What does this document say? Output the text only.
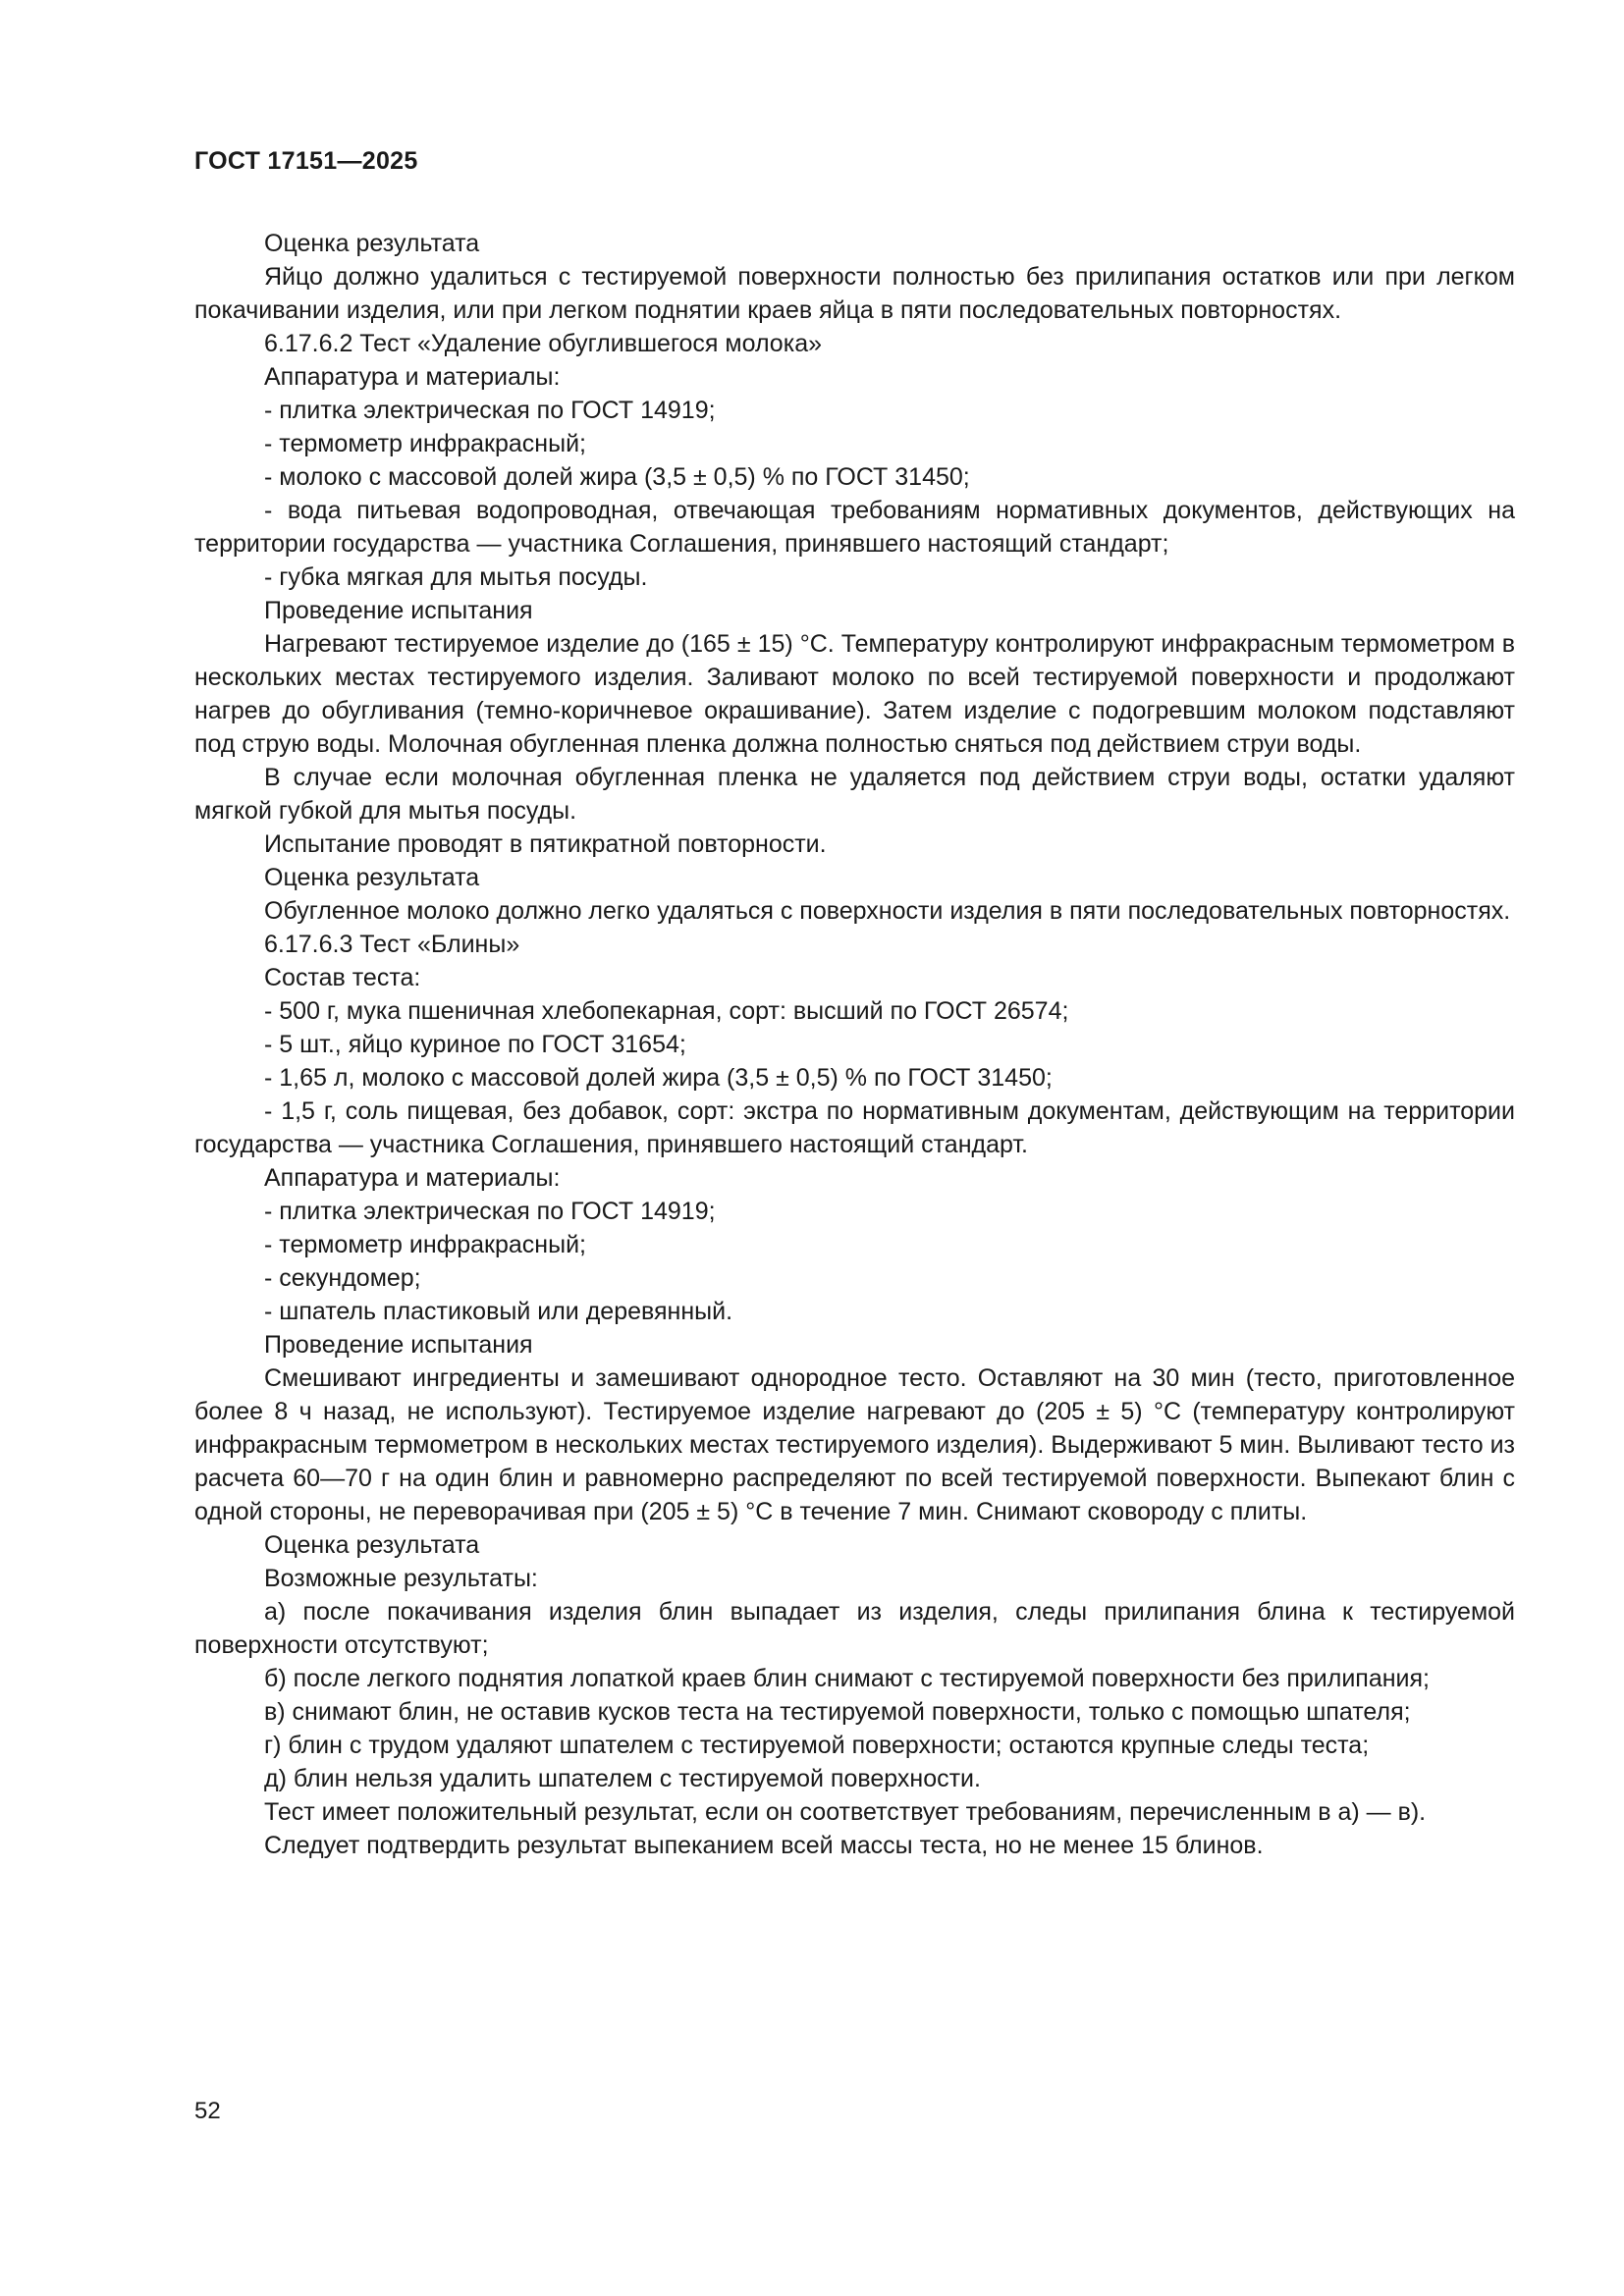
ГОСТ 17151—2025

Оценка результата

Яйцо должно удалиться с тестируемой поверхности полностью без прилипания остатков или при легком покачивании изделия, или при легком поднятии краев яйца в пяти последовательных повторностях.

6.17.6.2 Тест «Удаление обуглившегося молока»

Аппаратура и материалы:

- плитка электрическая по ГОСТ 14919;

- термометр инфракрасный;

- молоко с массовой долей жира (3,5 ± 0,5) % по ГОСТ 31450;

- вода питьевая водопроводная, отвечающая требованиям нормативных документов, действующих на территории государства — участника Соглашения, принявшего настоящий стандарт;

- губка мягкая для мытья посуды.

Проведение испытания

Нагревают тестируемое изделие до (165 ± 15) °С. Температуру контролируют инфракрасным термометром в нескольких местах тестируемого изделия. Заливают молоко по всей тестируемой поверхности и продолжают нагрев до обугливания (темно-коричневое окрашивание). Затем изделие с подогревшим молоком подставляют под струю воды. Молочная обугленная пленка должна полностью сняться под действием струи воды.

В случае если молочная обугленная пленка не удаляется под действием струи воды, остатки удаляют мягкой губкой для мытья посуды.

Испытание проводят в пятикратной повторности.

Оценка результата

Обугленное молоко должно легко удаляться с поверхности изделия в пяти последовательных повторностях.

6.17.6.3 Тест «Блины»

Состав теста:

- 500 г, мука пшеничная хлебопекарная, сорт: высший по ГОСТ 26574;

- 5 шт., яйцо куриное по ГОСТ 31654;

- 1,65 л, молоко с массовой долей жира (3,5 ± 0,5) % по ГОСТ 31450;

- 1,5 г, соль пищевая, без добавок, сорт: экстра по нормативным документам, действующим на территории государства — участника Соглашения, принявшего настоящий стандарт.

Аппаратура и материалы:

- плитка электрическая по ГОСТ 14919;

- термометр инфракрасный;

- секундомер;

- шпатель пластиковый или деревянный.

Проведение испытания

Смешивают ингредиенты и замешивают однородное тесто. Оставляют на 30 мин (тесто, приготовленное более 8 ч назад, не используют). Тестируемое изделие нагревают до (205 ± 5) °С (температуру контролируют инфракрасным термометром в нескольких местах тестируемого изделия). Выдерживают 5 мин. Выливают тесто из расчета 60—70 г на один блин и равномерно распределяют по всей тестируемой поверхности. Выпекают блин с одной стороны, не переворачивая при (205 ± 5) °С в течение 7 мин. Снимают сковороду с плиты.

Оценка результата

Возможные результаты:

а) после покачивания изделия блин выпадает из изделия, следы прилипания блина к тестируемой поверхности отсутствуют;

б) после легкого поднятия лопаткой краев блин снимают с тестируемой поверхности без прилипания;

в) снимают блин, не оставив кусков теста на тестируемой поверхности, только с помощью шпателя;

г) блин с трудом удаляют шпателем с тестируемой поверхности; остаются крупные следы теста;

д) блин нельзя удалить шпателем с тестируемой поверхности.

Тест имеет положительный результат, если он соответствует требованиям, перечисленным в а) — в).

Следует подтвердить результат выпеканием всей массы теста, но не менее 15 блинов.

52
